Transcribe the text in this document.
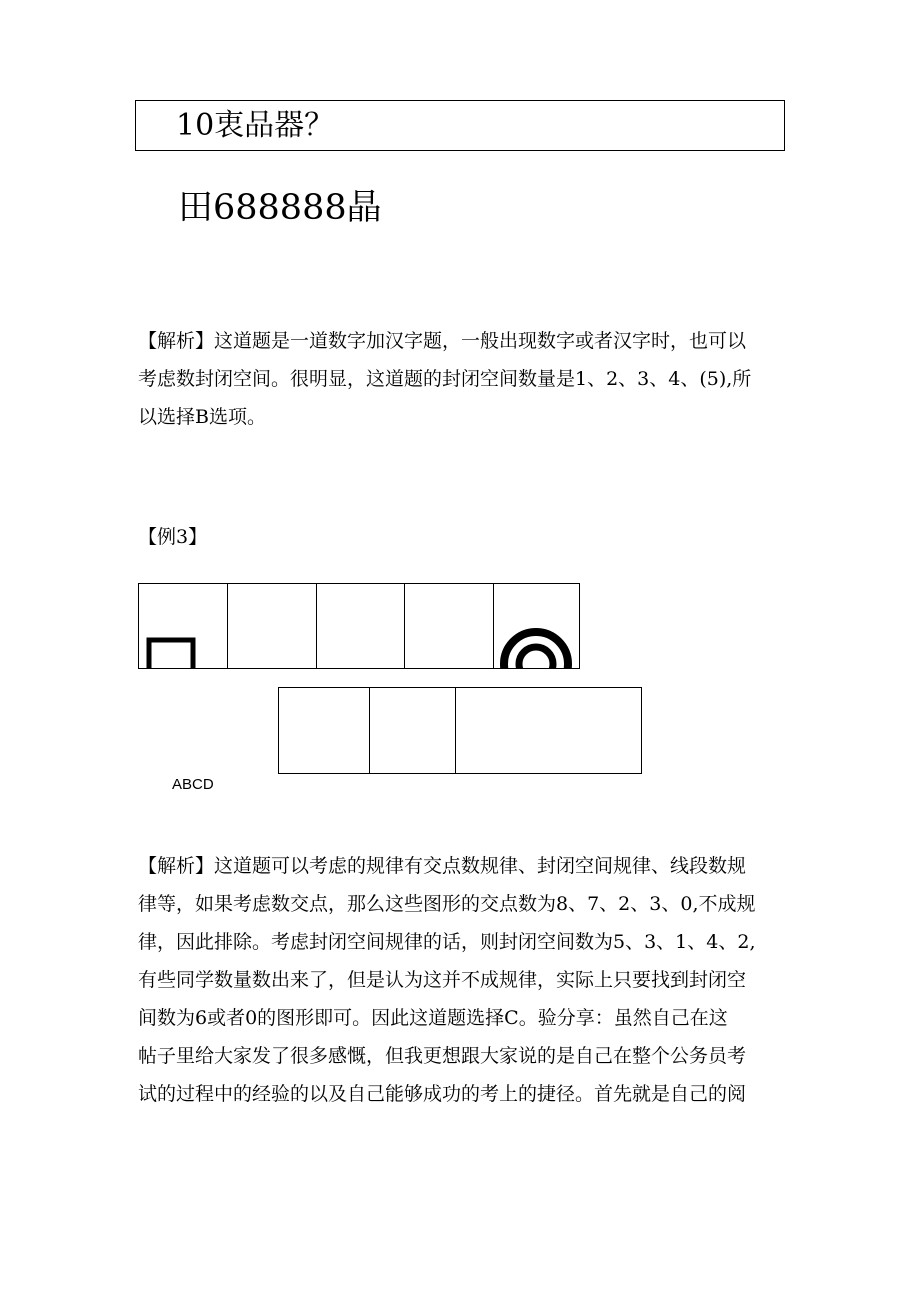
10衷品器？
田688888晶

【解析】这道题是一道数字加汉字题，一般出现数字或者汉字时，也可以

考虑数封闭空间。很明显，这道题的封闭空间数量是1、2、3、4、(5),所

以选择B选项。

【例3】
ABCD

【解析】这道题可以考虑的规律有交点数规律、封闭空间规律、线段数规

律等，如果考虑数交点，那么这些图形的交点数为8、7、2、3、0,不成规

律，因此排除。考虑封闭空间规律的话，则封闭空间数为5、3、1、4、2,

有些同学数量数出来了，但是认为这并不成规律，实际上只要找到封闭空

间数为6或者0的图形即可。因此这道题选择C。验分享：虽然自己在这

帖子里给大家发了很多感慨，但我更想跟大家说的是自己在整个公务员考

试的过程中的经验的以及自己能够成功的考上的捷径。首先就是自己的阅
